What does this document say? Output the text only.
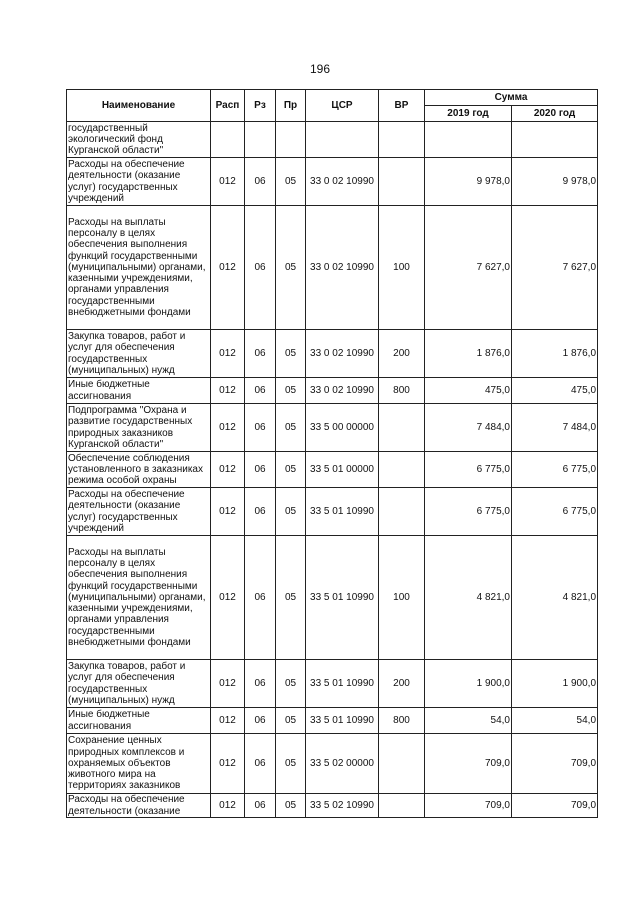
196
Наименование	Расп	Рз	Пр	ЦСР	ВР	Сумма	
						2019 год	2020 год
государственный экологический фонд Курганской области"							
Расходы на обеспечение деятельности (оказание услуг) государственных учреждений	012	06	05	33 0 02 10990		9 978,0	9 978,0
Расходы на выплаты персоналу в целях обеспечения выполнения функций государственными (муниципальными) органами, казенными учреждениями, органами управления государственными внебюджетными фондами	012	06	05	33 0 02 10990	100	7 627,0	7 627,0
Закупка товаров, работ и услуг для обеспечения государственных (муниципальных) нужд	012	06	05	33 0 02 10990	200	1 876,0	1 876,0
Иные бюджетные ассигнования	012	06	05	33 0 02 10990	800	475,0	475,0
Подпрограмма "Охрана и развитие государственных природных заказников Курганской области"	012	06	05	33 5 00 00000		7 484,0	7 484,0
Обеспечение соблюдения установленного в заказниках режима особой охраны	012	06	05	33 5 01 00000		6 775,0	6 775,0
Расходы на обеспечение деятельности (оказание услуг) государственных учреждений	012	06	05	33 5 01 10990		6 775,0	6 775,0
Расходы на выплаты персоналу в целях обеспечения выполнения функций государственными (муниципальными) органами, казенными учреждениями, органами управления государственными внебюджетными фондами	012	06	05	33 5 01 10990	100	4 821,0	4 821,0
Закупка товаров, работ и услуг для обеспечения государственных (муниципальных) нужд	012	06	05	33 5 01 10990	200	1 900,0	1 900,0
Иные бюджетные ассигнования	012	06	05	33 5 01 10990	800	54,0	54,0
Сохранение ценных природных комплексов и охраняемых объектов животного мира на территориях заказников	012	06	05	33 5 02 00000		709,0	709,0
Расходы на обеспечение деятельности (оказание	012	06	05	33 5 02 10990		709,0	709,0
